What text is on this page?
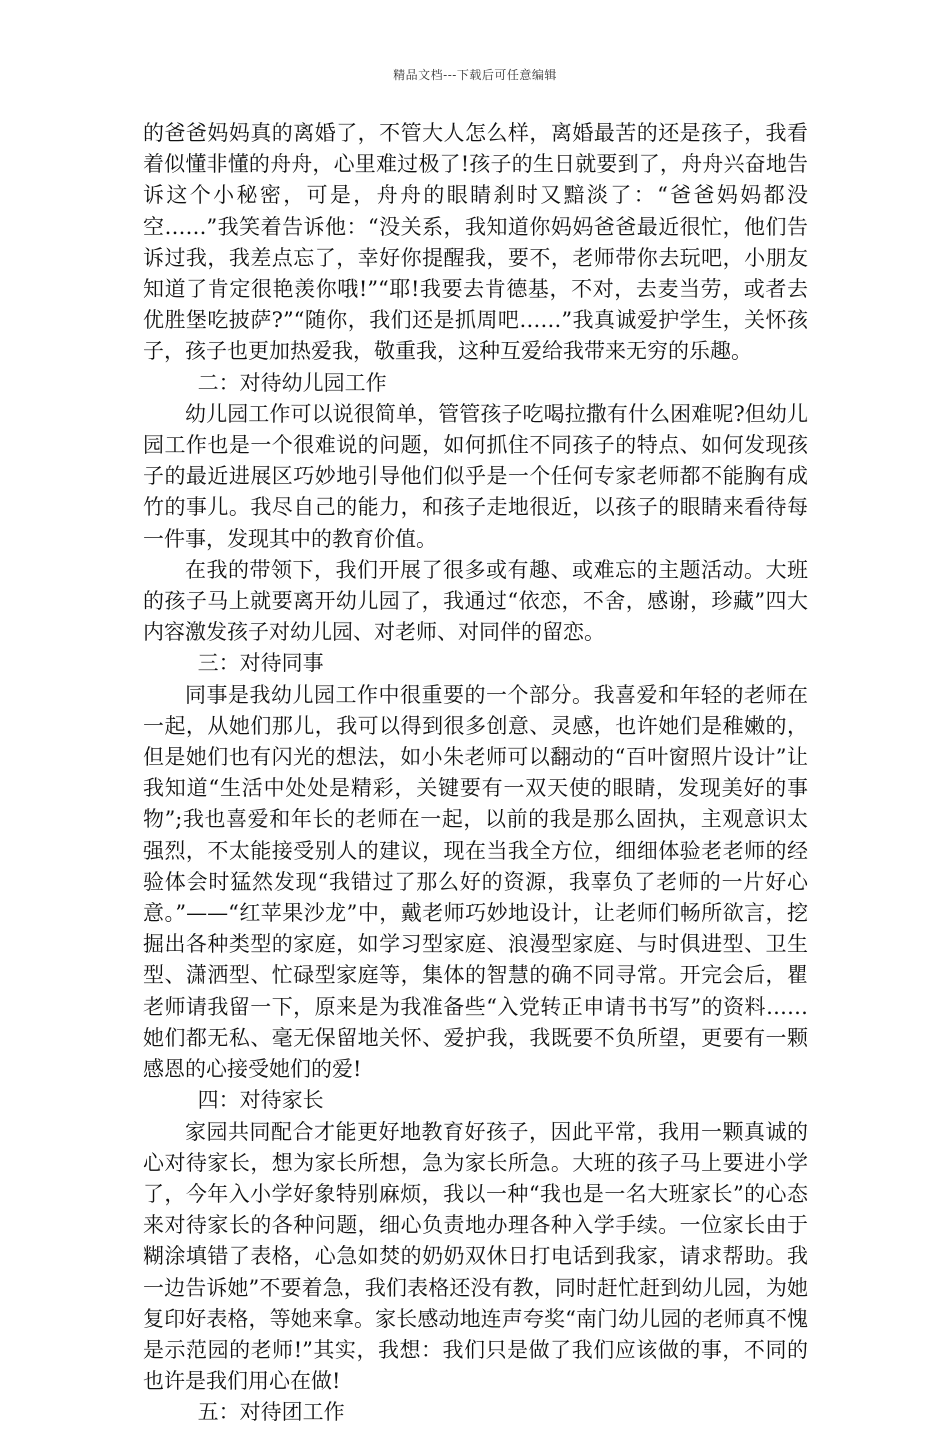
精品文档---下载后可任意编辑

的爸爸妈妈真的离婚了，不管大人怎么样，离婚最苦的还是孩子，我看着似懂非懂的舟舟，心里难过极了!孩子的生日就要到了，舟舟兴奋地告诉这个小秘密，可是，舟舟的眼睛刹时又黯淡了：“爸爸妈妈都没空……”我笑着告诉他：“没关系，我知道你妈妈爸爸最近很忙，他们告诉过我，我差点忘了，幸好你提醒我，要不，老师带你去玩吧，小朋友知道了肯定很艳羡你哦!”“耶!我要去肯德基，不对，去麦当劳，或者去优胜堡吃披萨?”“随你，我们还是抓周吧……”我真诚爱护学生，关怀孩子，孩子也更加热爱我，敬重我，这种互爱给我带来无穷的乐趣。

二：对待幼儿园工作

幼儿园工作可以说很简单，管管孩子吃喝拉撒有什么困难呢?但幼儿园工作也是一个很难说的问题，如何抓住不同孩子的特点、如何发现孩子的最近进展区巧妙地引导他们似乎是一个任何专家老师都不能胸有成竹的事儿。我尽自己的能力，和孩子走地很近，以孩子的眼睛来看待每一件事，发现其中的教育价值。

在我的带领下，我们开展了很多或有趣、或难忘的主题活动。大班的孩子马上就要离开幼儿园了，我通过“依恋，不舍，感谢，珍藏”四大内容激发孩子对幼儿园、对老师、对同伴的留恋。

三：对待同事

同事是我幼儿园工作中很重要的一个部分。我喜爱和年轻的老师在一起，从她们那儿，我可以得到很多创意、灵感，也许她们是稚嫩的，但是她们也有闪光的想法，如小朱老师可以翻动的“百叶窗照片设计”让我知道“生活中处处是精彩，关键要有一双天使的眼睛，发现美好的事物”;我也喜爱和年长的老师在一起，以前的我是那么固执，主观意识太强烈，不太能接受别人的建议，现在当我全方位，细细体验老老师的经验体会时猛然发现“我错过了那么好的资源，我辜负了老师的一片好心意。”——“红苹果沙龙”中，戴老师巧妙地设计，让老师们畅所欲言，挖掘出各种类型的家庭，如学习型家庭、浪漫型家庭、与时俱进型、卫生型、潇洒型、忙碌型家庭等，集体的智慧的确不同寻常。开完会后，瞿老师请我留一下，原来是为我准备些“入党转正申请书书写”的资料……她们都无私、毫无保留地关怀、爱护我，我既要不负所望，更要有一颗感恩的心接受她们的爱!

四：对待家长

家园共同配合才能更好地教育好孩子，因此平常，我用一颗真诚的心对待家长，想为家长所想，急为家长所急。大班的孩子马上要进小学了，今年入小学好象特别麻烦，我以一种“我也是一名大班家长”的心态来对待家长的各种问题，细心负责地办理各种入学手续。一位家长由于糊涂填错了表格，心急如焚的奶奶双休日打电话到我家，请求帮助。我一边告诉她”不要着急，我们表格还没有教，同时赶忙赶到幼儿园，为她复印好表格，等她来拿。家长感动地连声夸奖“南门幼儿园的老师真不愧是示范园的老师!”其实，我想：我们只是做了我们应该做的事，不同的也许是我们用心在做!

五：对待团工作
